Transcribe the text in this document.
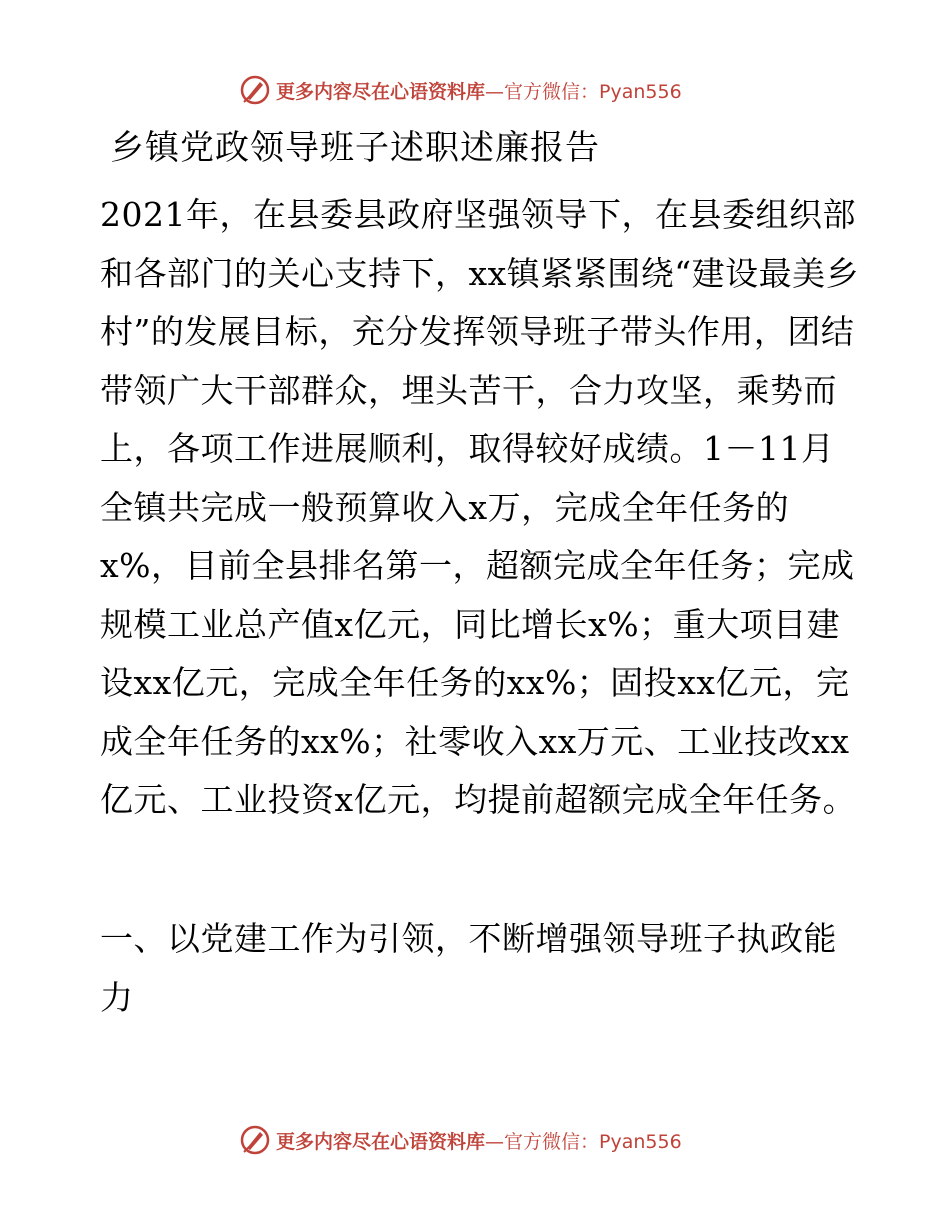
更多内容尽在心语资料库—官方微信：Pyan556
乡镇党政领导班子述职述廉报告

2021年，在县委县政府坚强领导下，在县委组织部和各部门的关心支持下，xx镇紧紧围绕“建设最美乡村”的发展目标，充分发挥领导班子带头作用，团结带领广大干部群众，埋头苦干，合力攻坚，乘势而上，各项工作进展顺利，取得较好成绩。1－11月全镇共完成一般预算收入x万，完成全年任务的x%，目前全县排名第一，超额完成全年任务；完成规模工业总产值x亿元，同比增长x%；重大项目建设xx亿元，完成全年任务的xx%；固投xx亿元，完成全年任务的xx%；社零收入xx万元、工业技改xx亿元、工业投资x亿元，均提前超额完成全年任务。

一、以党建工作为引领，不断增强领导班子执政能力

更多内容尽在心语资料库—官方微信：Pyan556
